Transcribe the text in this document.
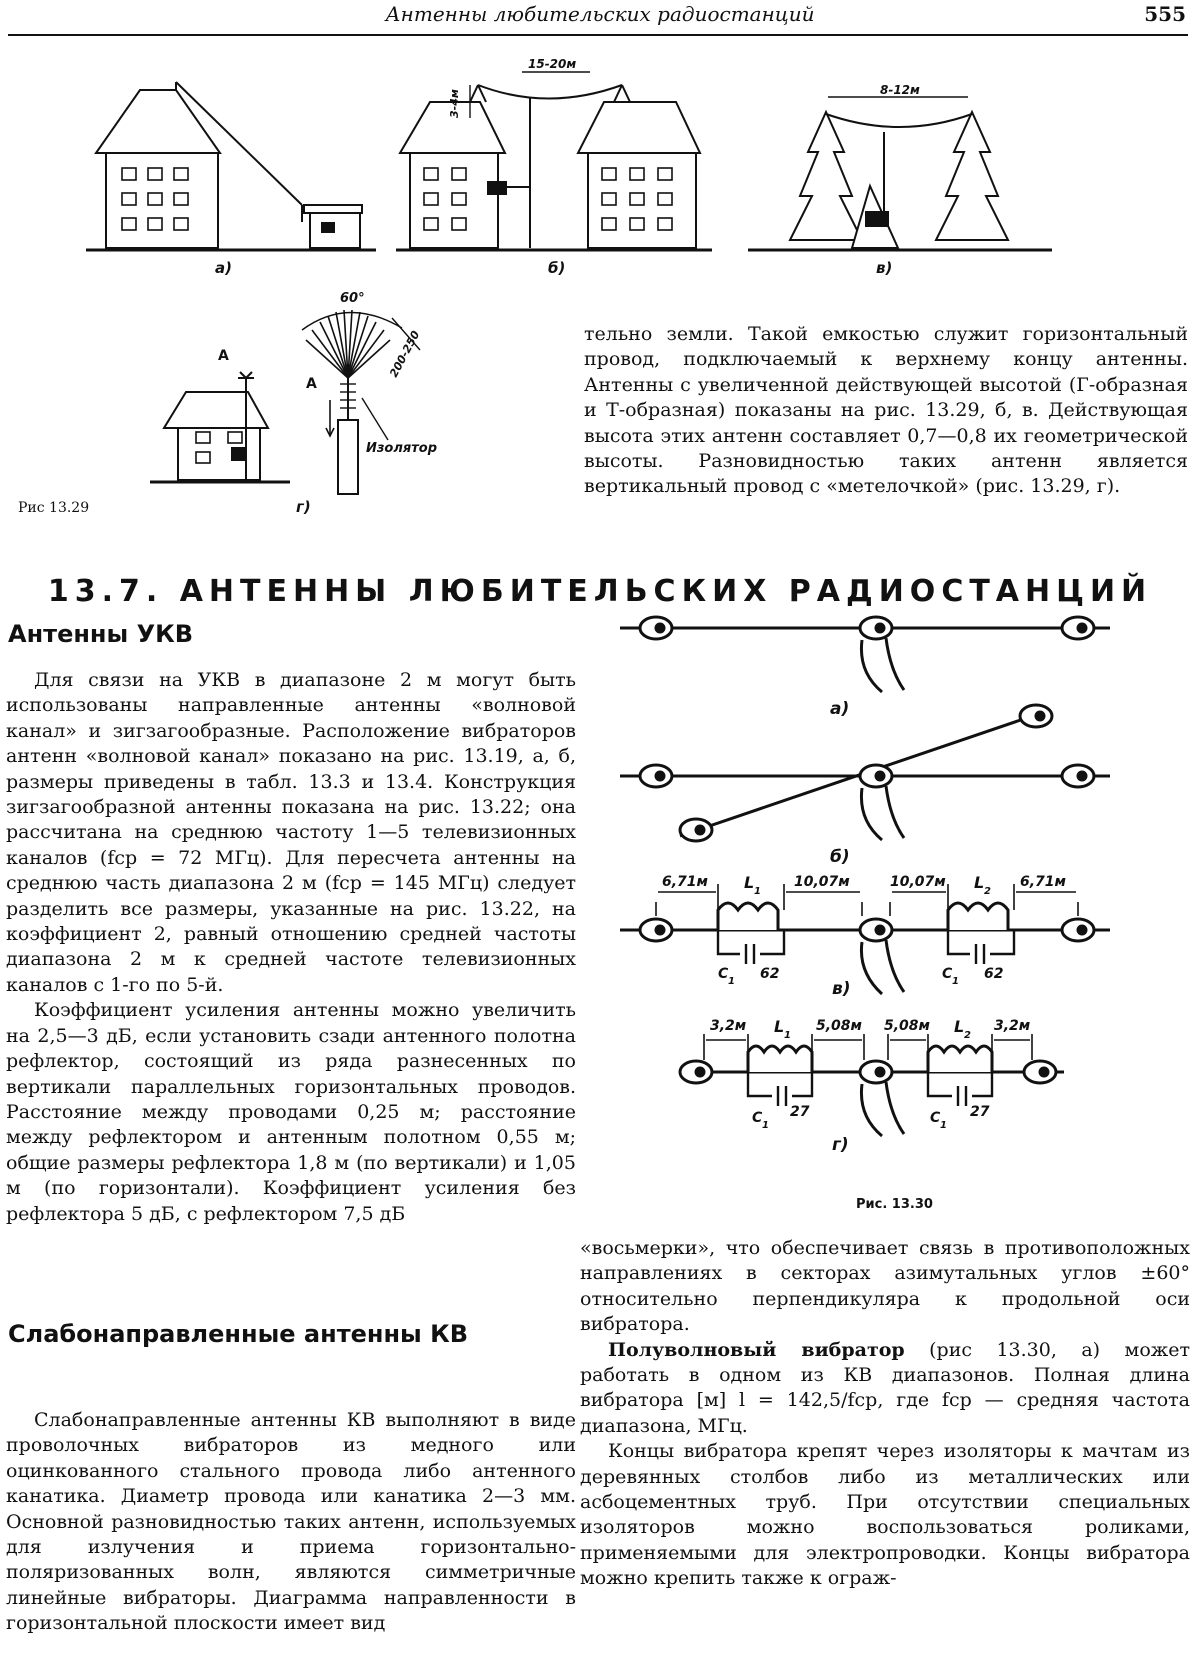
Антенны любительских радиостанций	555
а)	б)	в)
г)
15-20м
3-4м	8-12м
60°
200-250
A
A
Изолятор
Рис 13.29

тельно земли. Такой емкостью служит горизонтальный провод, подключаемый к верхнему концу антенны. Антенны с увеличенной действующей высотой (Г-образная и Т-образная) показаны на рис. 13.29, б, в. Действующая высота этих антенн составляет 0,7—0,8 их геометрической высоты. Разновидностью таких антенн является вертикальный провод с «метелочкой» (рис. 13.29, г).

13.7. АНТЕННЫ ЛЮБИТЕЛЬСКИХ РАДИОСТАНЦИЙ
Антенны УКВ

Для связи на УКВ в диапазоне 2 м могут быть использованы направленные антенны «волновой канал» и зигзагообразные. Расположение вибраторов антенн «волновой канал» показано на рис. 13.19, а, б, размеры приведены в табл. 13.3 и 13.4. Конструкция зигзагообразной антенны показана на рис. 13.22; она рассчитана на среднюю частоту 1—5 телевизионных каналов (fср = 72 МГц). Для пересчета антенны на среднюю часть диапазона 2 м (fср = 145 МГц) следует разделить все размеры, указанные на рис. 13.22, на коэффициент 2, равный отношению средней частоты диапазона 2 м к средней частоте телевизионных каналов с 1-го по 5-й.

Коэффициент усиления антенны можно увеличить на 2,5—3 дБ, если установить сзади антенного полотна рефлектор, состоящий из ряда разнесенных по вертикали параллельных горизонтальных проводов. Расстояние между проводами 0,25 м; расстояние между рефлектором и антенным полотном 0,55 м; общие размеры рефлектора 1,8 м (по вертикали) и 1,05 м (по горизонтали). Коэффициент усиления без рефлектора 5 дБ, с рефлектором 7,5 дБ

Слабонаправленные антенны КВ

Слабонаправленные антенны КВ выполняют в виде проволочных вибраторов из медного или оцинкованного стального провода либо антенного канатика. Диаметр провода или канатика 2—3 мм. Основной разновидностью таких антенн, используемых для излучения и приема горизонтально-поляризованных волн, являются симметричные линейные вибраторы. Диаграмма направленности в горизонтальной плоскости имеет вид

а)
б)
в)
г)
6,71м	10,07м	10,07м	6,71м
L 1	L 2
C 1 62	C 1 62
3,2м	5,08м 5,08м	3,2м
L 1	L 2
C 1
27	C 1
27
Рис. 13.30

«восьмерки», что обеспечивает связь в противоположных направлениях в секторах азимутальных углов ±60° относительно перпендикуляра к продольной оси вибратора.

Полуволновый вибратор (рис 13.30, а) может работать в одном из КВ диапазонов. Полная длина вибратора [м] l = 142,5/fср, где fср — средняя частота диапазона, МГц.

Концы вибратора крепят через изоляторы к мачтам из деревянных столбов либо из металлических или асбоцементных труб. При отсутствии специальных изоляторов можно воспользоваться роликами, применяемыми для электропроводки. Концы вибратора можно крепить также к ограж-
